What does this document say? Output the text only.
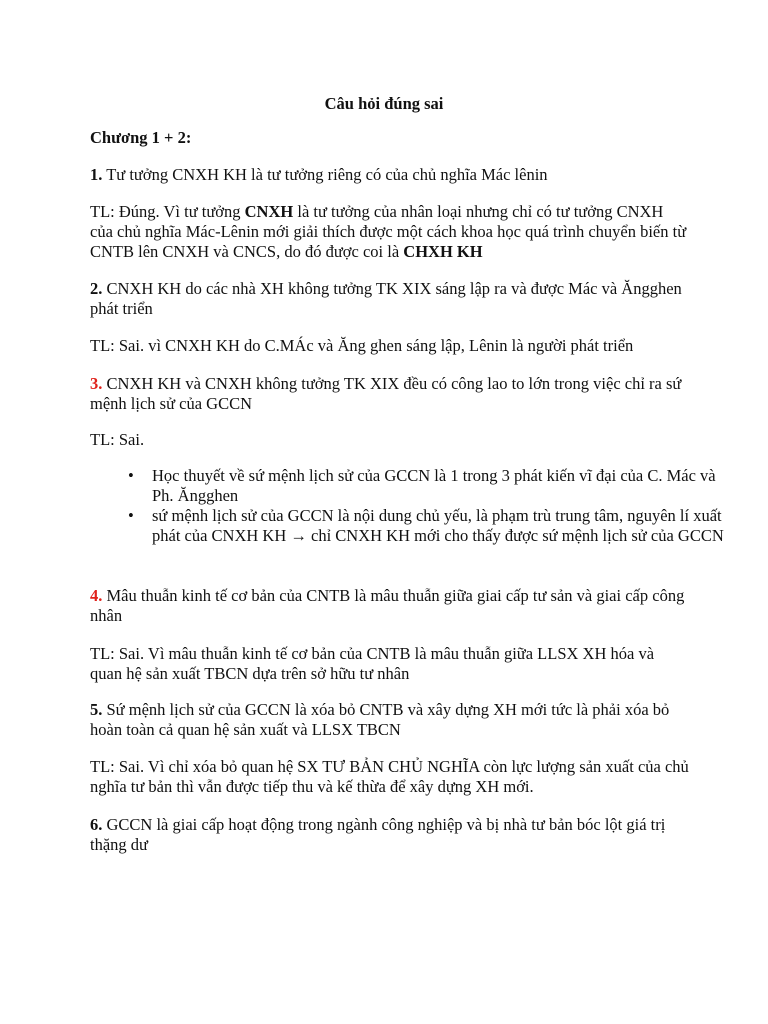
Câu hỏi đúng sai
Chương 1 + 2:
1. Tư tưởng CNXH KH là tư tưởng riêng có của chủ nghĩa Mác lênin
TL: Đúng. Vì tư tưởng CNXH là tư tưởng của nhân loại nhưng chỉ có tư tưởng CNXH của chủ nghĩa Mác-Lênin mới giải thích được một cách khoa học quá trình chuyển biến từ CNTB lên CNXH và CNCS, do đó được coi là CHXH KH
2. CNXH KH do các nhà XH không tưởng TK XIX sáng lập ra và được Mác và Ăngghen phát triển
TL: Sai. vì CNXH KH do C.MÁc và Ăng ghen sáng lập, Lênin là người phát triển
3. CNXH KH và CNXH không tưởng TK XIX đều có công lao to lớn trong việc chỉ ra sứ mệnh lịch sử của GCCN
TL: Sai.
• Học thuyết về sứ mệnh lịch sử của GCCN là 1 trong 3 phát kiến vĩ đại của C. Mác và Ph. Ăngghen
• sứ mệnh lịch sử của GCCN là nội dung chủ yếu, là phạm trù trung tâm, nguyên lí xuất phát của CNXH KH → chỉ CNXH KH mới cho thấy được sứ mệnh lịch sử của GCCN
4. Mâu thuẫn kinh tế cơ bản của CNTB là mâu thuẫn giữa giai cấp tư sản và giai cấp công nhân
TL: Sai. Vì mâu thuẫn kinh tế cơ bản của CNTB là mâu thuẫn giữa LLSX XH hóa và quan hệ sản xuất TBCN dựa trên sở hữu tư nhân
5. Sứ mệnh lịch sử của GCCN là xóa bỏ CNTB và xây dựng XH mới tức là phải xóa bỏ hoàn toàn cả quan hệ sản xuất và LLSX TBCN
TL: Sai. Vì chỉ xóa bỏ quan hệ SX TƯ BẢN CHỦ NGHĨA còn lực lượng sản xuất của chủ nghĩa tư bản thì vẫn được tiếp thu và kế thừa để xây dựng XH mới.
6. GCCN là giai cấp hoạt động trong ngành công nghiệp và bị nhà tư bản bóc lột giá trị thặng dư
